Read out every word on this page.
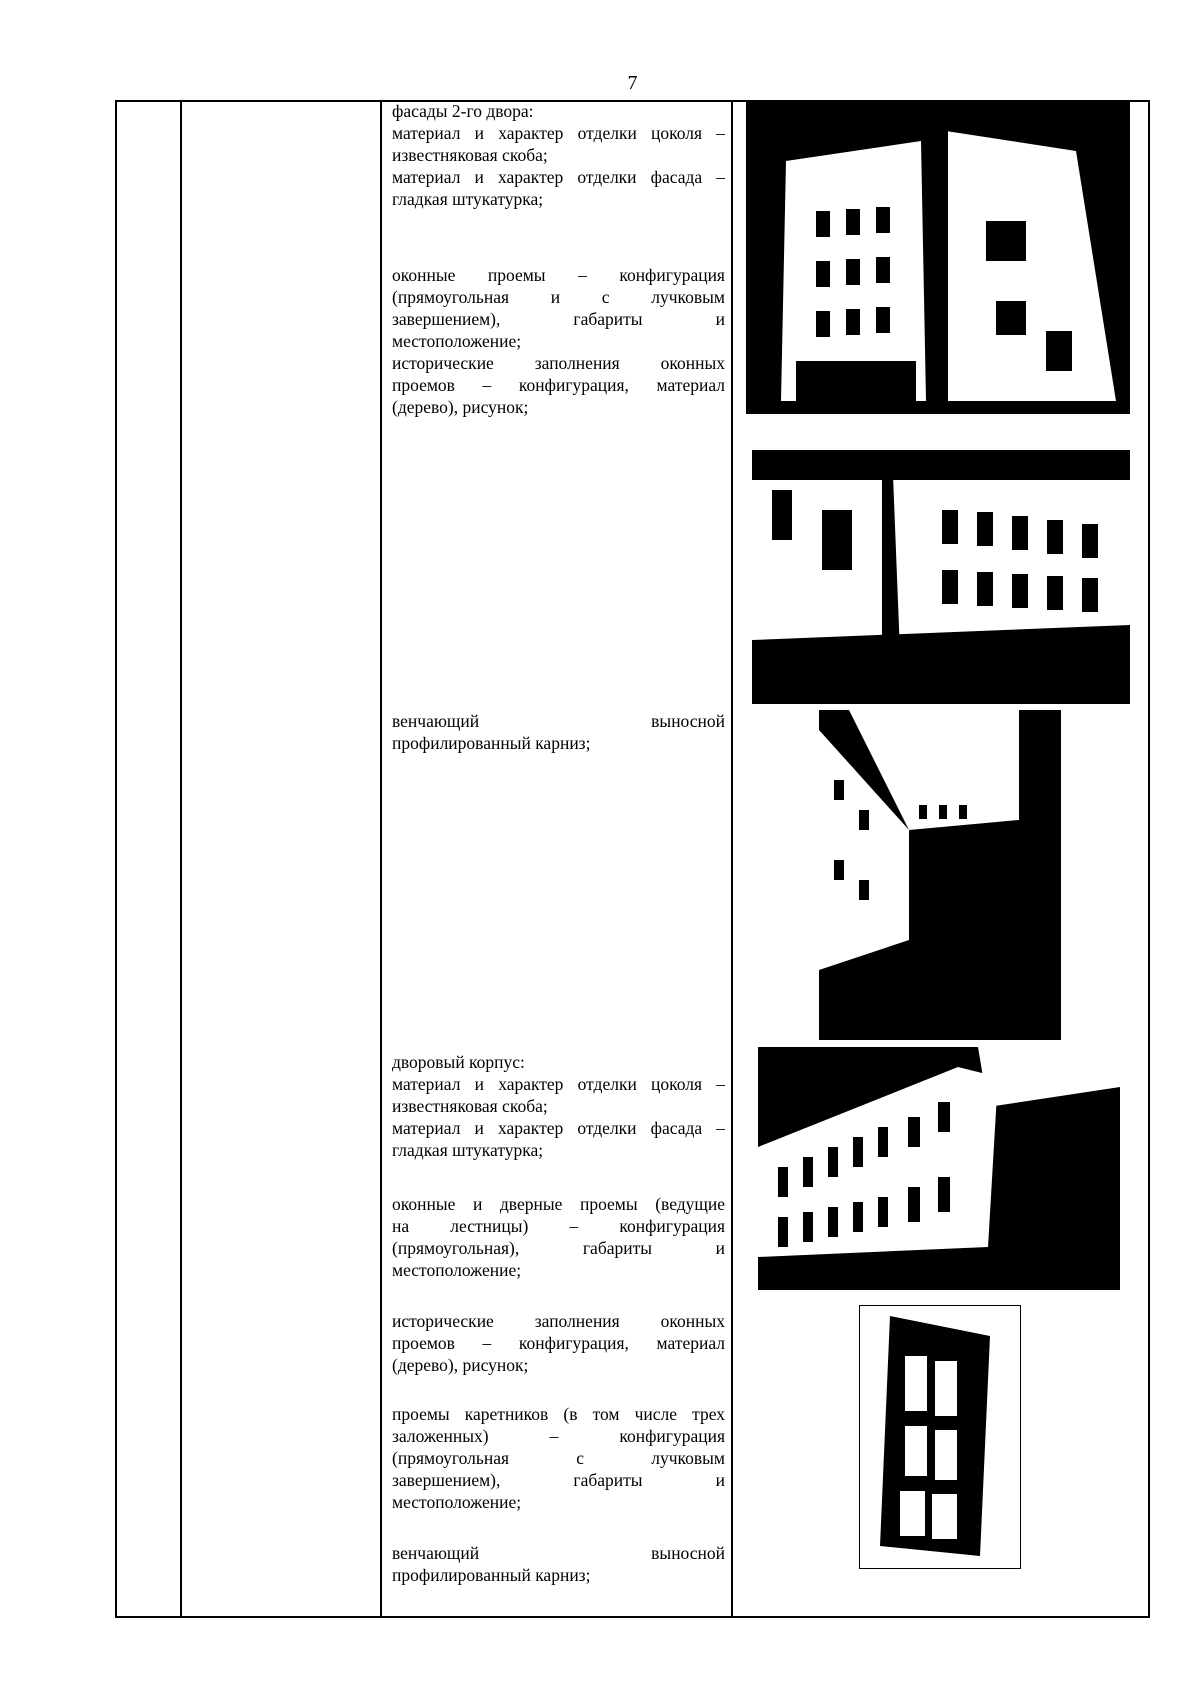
7

фасады 2-го двора:

материал и характер отделки цоколя –

известняковая скоба;

материал и характер отделки фасада –

гладкая штукатурка;

оконные проемы – конфигурация

(прямоугольная и с лучковым

завершением), габариты и

местоположение;

исторические заполнения оконных

проемов – конфигурация, материал

(дерево), рисунок;

венчающий выносной

профилированный карниз;

дворовый корпус:

материал и характер отделки цоколя –

известняковая скоба;

материал и характер отделки фасада –

гладкая штукатурка;

оконные и дверные проемы (ведущие

на лестницы) – конфигурация

(прямоугольная), габариты и

местоположение;

исторические заполнения оконных

проемов – конфигурация, материал

(дерево), рисунок;

проемы каретников (в том числе трех

заложенных) – конфигурация

(прямоугольная с лучковым

завершением), габариты и

местоположение;

венчающий выносной

профилированный карниз;
